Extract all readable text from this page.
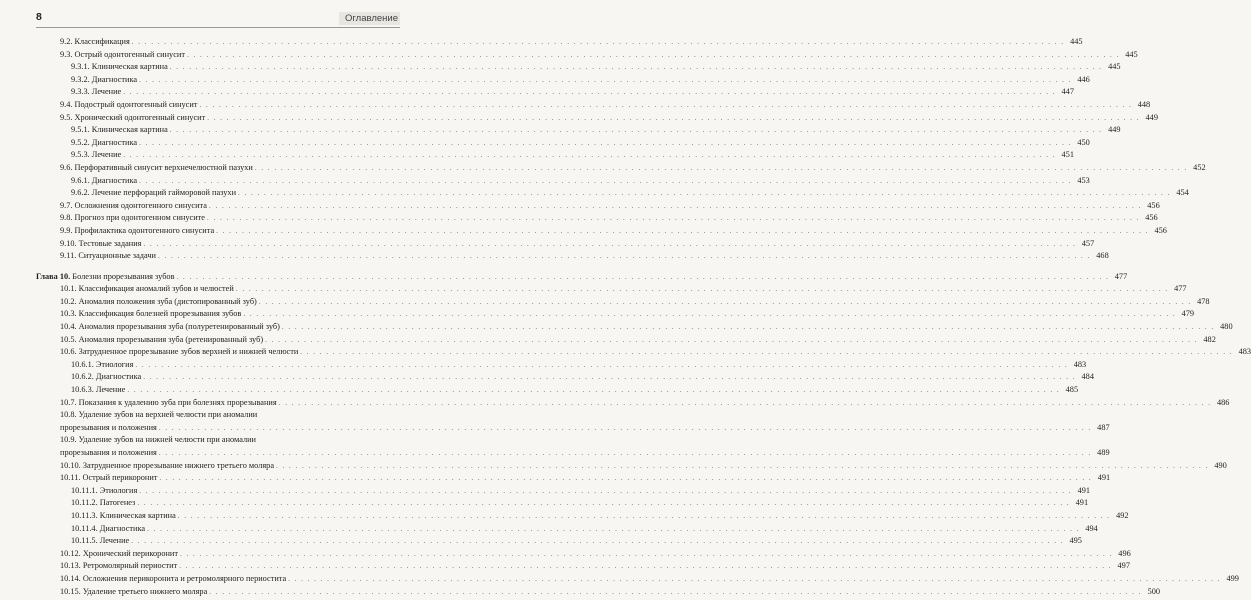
8	Оглавление
9.2. Классификация . . .	445
9.3. Острый одонтогенный синусит . . .	445
9.3.1. Клиническая картина . . .	445
9.3.2. Диагностика . . .	446
9.3.3. Лечение . . .	447
9.4. Подострый одонтогенный синусит . . .	448
9.5. Хронический одонтогенный синусит . . .	449
9.5.1. Клиническая картина . . .	449
9.5.2. Диагностика . . .	450
9.5.3. Лечение . . .	451
9.6. Перфоративный синусит верхнечелюстной пазухи . . .	452
9.6.1. Диагностика . . .	453
9.6.2. Лечение перфораций гайморовой пазухи . . .	454
9.7. Осложнения одонтогенного синусита . . .	456
9.8. Прогноз при одонтогенном синусите . . .	456
9.9. Профилактика одонтогенного синусита . . .	456
9.10. Тестовые задания . . .	457
9.11. Ситуационные задачи . . .	468
Глава 10. Болезни прорезывания зубов . . .	477
10.1. Классификация аномалий зубов и челюстей . . .	477
10.2. Аномалия положения зуба (дистопированный зуб) . . .	478
10.3. Классификация болезней прорезывания зубов . . .	479
10.4. Аномалия прорезывания зуба (полуретенированный зуб) . . .	480
10.5. Аномалия прорезывания зуба (ретенированный зуб) . . .	482
10.6. Затрудненное прорезывание зубов верхней и нижней челюсти . . .	483
10.6.1. Этиология . . .	483
10.6.2. Диагностика . . .	484
10.6.3. Лечение . . .	485
10.7. Показания к удалению зуба при болезнях прорезывания . . .	486
10.8. Удаление зубов на верхней челюсти при аномалии
прорезывания и положения . . .	487
10.9. Удаление зубов на нижней челюсти при аномалии
прорезывания и положения . . .	489
10.10. Затрудненное прорезывание нижнего третьего моляра . . .	490
10.11. Острый перикоронит . . .	491
10.11.1. Этиология . . .	491
10.11.2. Патогенез . . .	491
10.11.3. Клиническая картина . . .	492
10.11.4. Диагностика . . .	494
10.11.5. Лечение . . .	495
10.12. Хронический перикоронит . . .	496
10.13. Ретромолярный периостит . . .	497
10.14. Осложнения перикоронита и ретромолярного периостита . . .	499
10.15. Удаление третьего нижнего моляра . . .	500
